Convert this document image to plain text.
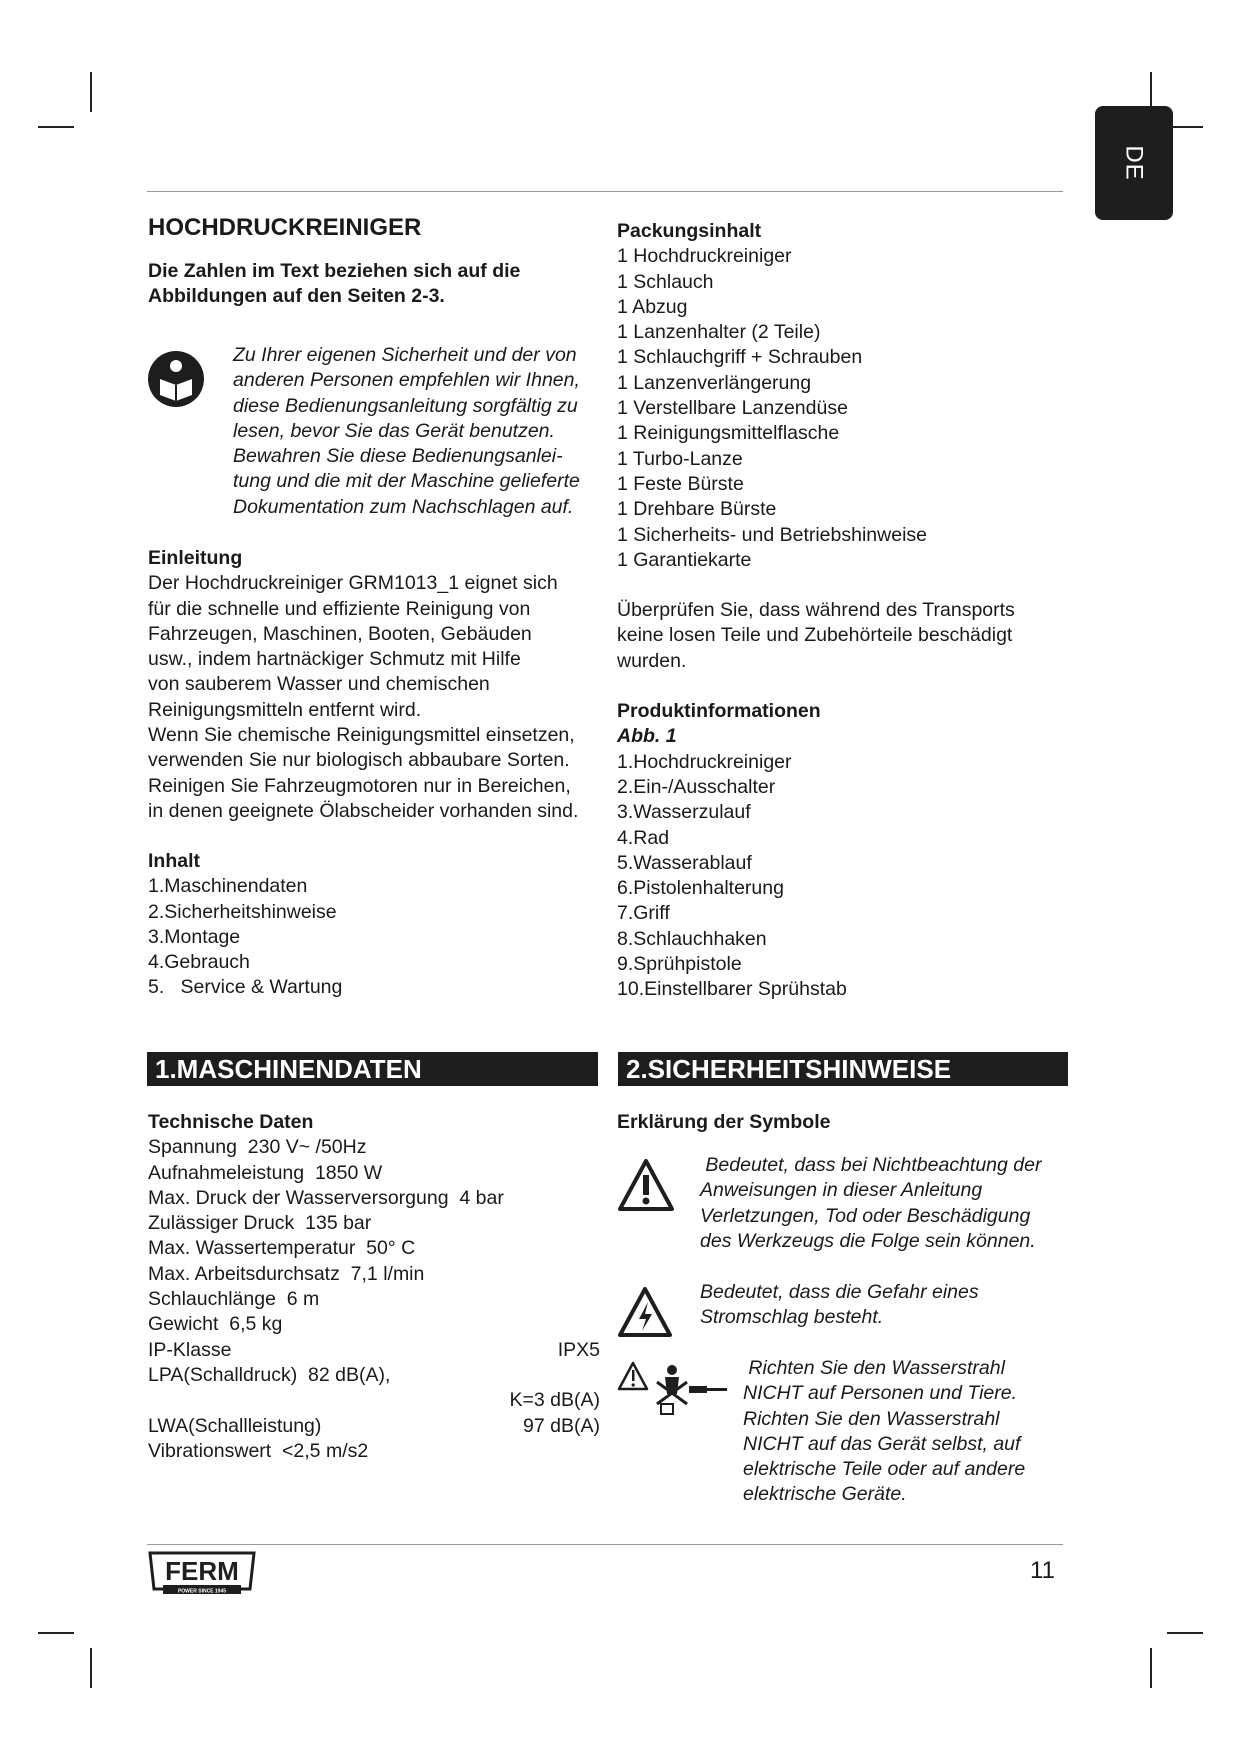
DE

HOCHDRUCKREINIGER

Die Zahlen im Text beziehen sich auf die
Abbildungen auf den Seiten 2-3.
Zu Ihrer eigenen Sicherheit und der von
anderen Personen empfehlen wir Ihnen,
diese Bedienungsanleitung sorgfältig zu
lesen, bevor Sie das Gerät benutzen.
Bewahren Sie diese Bedienungsanlei-
tung und die mit der Maschine gelieferte
Dokumentation zum Nachschlagen auf.
Einleitung
Der Hochdruckreiniger GRM1013_1 eignet sich
für die schnelle und effiziente Reinigung von
Fahrzeugen, Maschinen, Booten, Gebäuden
usw., indem hartnäckiger Schmutz mit Hilfe
von sauberem Wasser und chemischen
Reinigungsmitteln entfernt wird.
Wenn Sie chemische Reinigungsmittel einsetzen,
verwenden Sie nur biologisch abbaubare Sorten.
Reinigen Sie Fahrzeugmotoren nur in Bereichen,
in denen geeignete Ölabscheider vorhanden sind.
Inhalt
1.Maschinendaten
2.Sicherheitshinweise
3.Montage
4.Gebrauch
5.   Service & Wartung
Packungsinhalt
1 Hochdruckreiniger
1 Schlauch
1 Abzug
1 Lanzenhalter (2 Teile)
1 Schlauchgriff + Schrauben
1 Lanzenverlängerung
1 Verstellbare Lanzendüse
1 Reinigungsmittelflasche
1 Turbo-Lanze
1 Feste Bürste
1 Drehbare Bürste
1 Sicherheits- und Betriebshinweise
1 Garantiekarte
Überprüfen Sie, dass während des Transports
keine losen Teile und Zubehörteile beschädigt
wurden.
Produktinformationen
Abb. 1
1.Hochdruckreiniger
2.Ein-/Ausschalter
3.Wasserzulauf
4.Rad
5.Wasserablauf
6.Pistolenhalterung
7.Griff
8.Schlauchhaken
9.Sprühpistole
10.Einstellbarer Sprühstab
1.MASCHINENDATEN	2.SICHERHEITSHINWEISE
Technische Daten
Spannung  230 V~ /50Hz
Aufnahmeleistung  1850 W
Max. Druck der Wasserversorgung  4 bar
Zulässiger Druck  135 bar
Max. Wassertemperatur  50° C
Max. Arbeitsdurchsatz  7,1 l/min
Schlauchlänge  6 m
Gewicht  6,5 kg
IP-Klasse	IPX5
LPA(Schalldruck)  82 dB(A),
K=3 dB(A)
LWA(Schallleistung)	97 dB(A)
Vibrationswert  <2,5 m/s2
Erklärung der Symbole
Bedeutet, dass bei Nichtbeachtung der
Anweisungen in dieser Anleitung
Verletzungen, Tod oder Beschädigung
des Werkzeugs die Folge sein können.
Bedeutet, dass die Gefahr eines
Stromschlag besteht.
Richten Sie den Wasserstrahl
NICHT auf Personen und Tiere.
Richten Sie den Wasserstrahl
NICHT auf das Gerät selbst, auf
elektrische Teile oder auf andere
elektrische Geräte.
FERM
POWER SINCE 1945
11
